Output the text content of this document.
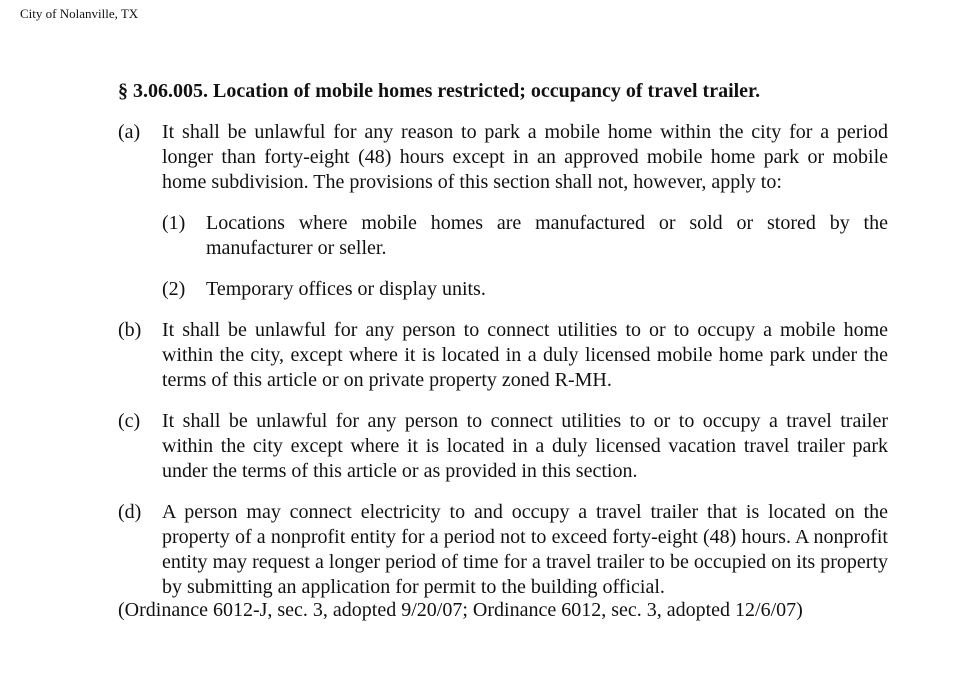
City of Nolanville, TX
§ 3.06.005. Location of mobile homes restricted; occupancy of travel trailer.
(a)	It shall be unlawful for any reason to park a mobile home within the city for a period longer than forty-eight (48) hours except in an approved mobile home park or mobile home subdivision. The provisions of this section shall not, however, apply to:
(1)	Locations where mobile homes are manufactured or sold or stored by the manufacturer or seller.
(2)	Temporary offices or display units.
(b)	It shall be unlawful for any person to connect utilities to or to occupy a mobile home within the city, except where it is located in a duly licensed mobile home park under the terms of this article or on private property zoned R-MH.
(c)	It shall be unlawful for any person to connect utilities to or to occupy a travel trailer within the city except where it is located in a duly licensed vacation travel trailer park under the terms of this article or as provided in this section.
(d)	A person may connect electricity to and occupy a travel trailer that is located on the property of a nonprofit entity for a period not to exceed forty-eight (48) hours. A nonprofit entity may request a longer period of time for a travel trailer to be occupied on its property by submitting an application for permit to the building official.
(Ordinance 6012-J, sec. 3, adopted 9/20/07; Ordinance 6012, sec. 3, adopted 12/6/07)
